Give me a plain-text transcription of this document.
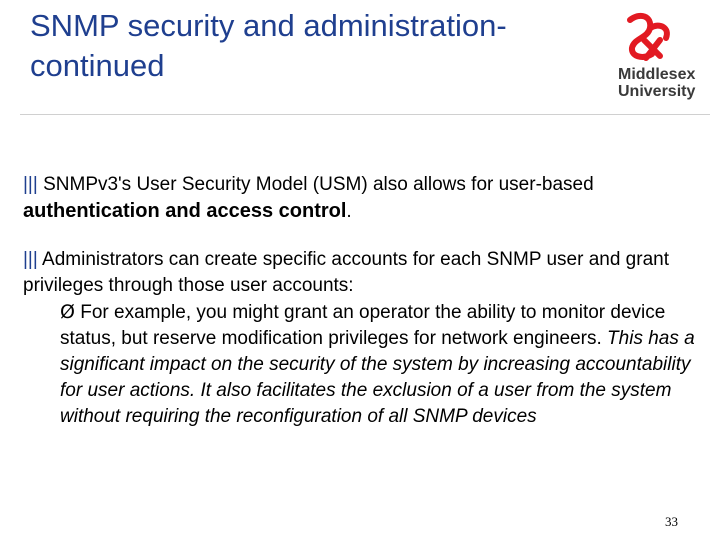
SNMP security and administration-
continued	Middlesex
University

||| SNMPv3's User Security Model (USM) also allows for user-based
authentication and access control.

||| Administrators can create specific accounts for each SNMP user and grant privileges through those user accounts:

Ø For example, you might grant an operator the ability to monitor device status, but reserve modification privileges for network engineers. This has a significant impact on the security of the system by increasing accountability for user actions. It also facilitates the exclusion of a user from the system without requiring the reconfiguration of all SNMP devices
33
